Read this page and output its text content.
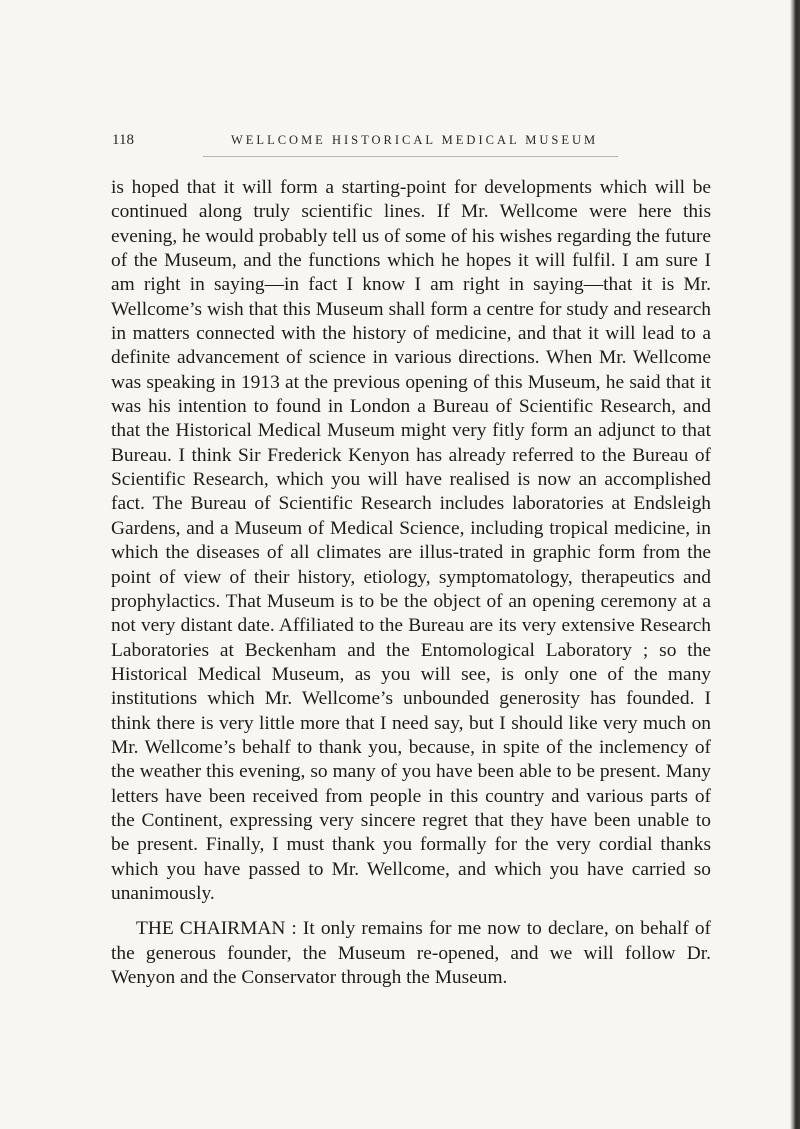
118	WELLCOME HISTORICAL MEDICAL MUSEUM

is hoped that it will form a starting-point for developments which will be continued along truly scientific lines. If Mr. Wellcome were here this evening, he would probably tell us of some of his wishes regarding the future of the Museum, and the functions which he hopes it will fulfil. I am sure I am right in saying—in fact I know I am right in saying—that it is Mr. Wellcome’s wish that this Museum shall form a centre for study and research in matters connected with the history of medicine, and that it will lead to a definite advancement of science in various directions. When Mr. Wellcome was speaking in 1913 at the previous opening of this Museum, he said that it was his intention to found in London a Bureau of Scientific Research, and that the Historical Medical Museum might very fitly form an adjunct to that Bureau. I think Sir Frederick Kenyon has already referred to the Bureau of Scientific Research, which you will have realised is now an accomplished fact. The Bureau of Scientific Research includes laboratories at Endsleigh Gardens, and a Museum of Medical Science, including tropical medicine, in which the diseases of all climates are illus-trated in graphic form from the point of view of their history, etiology, symptomatology, therapeutics and prophylactics. That Museum is to be the object of an opening ceremony at a not very distant date. Affiliated to the Bureau are its very extensive Research Laboratories at Beckenham and the Entomological Laboratory ; so the Historical Medical Museum, as you will see, is only one of the many institutions which Mr. Wellcome’s unbounded generosity has founded. I think there is very little more that I need say, but I should like very much on Mr. Wellcome’s behalf to thank you, because, in spite of the inclemency of the weather this evening, so many of you have been able to be present. Many letters have been received from people in this country and various parts of the Continent, expressing very sincere regret that they have been unable to be present. Finally, I must thank you formally for the very cordial thanks which you have passed to Mr. Wellcome, and which you have carried so unanimously.

THE CHAIRMAN : It only remains for me now to declare, on behalf of the generous founder, the Museum re-opened, and we will follow Dr. Wenyon and the Conservator through the Museum.
